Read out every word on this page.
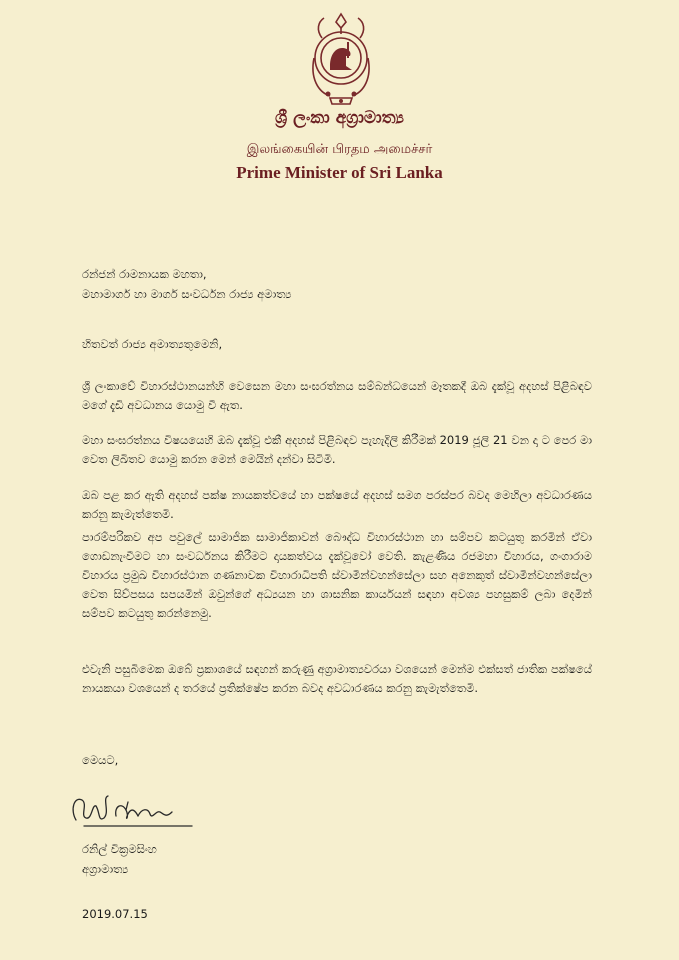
ශ්‍රී ලංකා අග්‍රාමාත්‍ය
இலங்கையின் பிரதம அமைச்சர்
Prime Minister of Sri Lanka
රන්ජන් රාමනායක මහතා,
මහාමාර්ග හා මාර්ග සංවර්ධන රාජ්‍ය අමාත්‍ය
හිතවත් රාජ්‍ය අමාත්‍යතුමෙනි,
ශ්‍රී ලංකාවේ විහාරස්ථානයන්හි වෙසෙන මහා සංඝරත්නය සම්බන්ධයෙන් මෑතකදී ඔබ දැක්වූ අදහස් පිළිබඳව මගේ දැඩි අවධානය යොමු වී ඇත.
මහා සංඝරත්නය විෂයයෙහි ඔබ දැක්වූ එකී අදහස් පිළිබඳව පැහැදිලි කිරීමක් 2019 ජූලි 21 වන දා ට පෙර මා වෙත ලිඛිතව යොමු කරන මෙන් මෙයින් දන්වා සිටිමි.
ඔබ පළ කර ඇති අදහස් පක්ෂ නායකත්වයේ හා පක්ෂයේ අදහස් සමග පරස්පර බවද මෙහිලා අවධාරණය කරනු කැමැත්තෙමි.
පාරම්පරිකව අප පවුලේ සාමාජික සාමාජිකාවන් බෞද්ධ විහාරස්ථාන හා සම්පව කටයුතු කරමින් ඒවා ගොඩනැංවීමට හා සංවර්ධනය කිරීමට දායකත්වය දැක්වූවෝ වෙති. කැළණිය රජමහා විහාරය, ගංගාරාම විහාරය ප්‍රමුඛ විහාරස්ථාන ගණනාවක විහාරාධිපති ස්වාමීන්වහන්සේලා සහ අනෙකුත් ස්වාමීන්වහන්සේලා වෙත සිව්පසය සපයමින් ඔවුන්ගේ අධ්‍යයන හා ශාසනික කාර්යයන් සඳහා අවශ්‍ය පහසුකම් ලබා දෙමින් සම්පව කටයුතු කරන්නෙමු.
එවැනි පසුබිමෙක ඔබේ ප්‍රකාශයේ සඳහන් කරුණු අග්‍රාමාත්‍යවරයා වශයෙන් මෙන්ම එක්සත් ජාතික පක්ෂයේ නායකයා වශයෙන් ද තරයේ ප්‍රතික්ෂේප කරන බවද අවධාරණය කරනු කැමැත්තෙමි.
මෙයට,
රනිල් වික්‍රමසිංහ
අග්‍රාමාත්‍ය
2019.07.15
